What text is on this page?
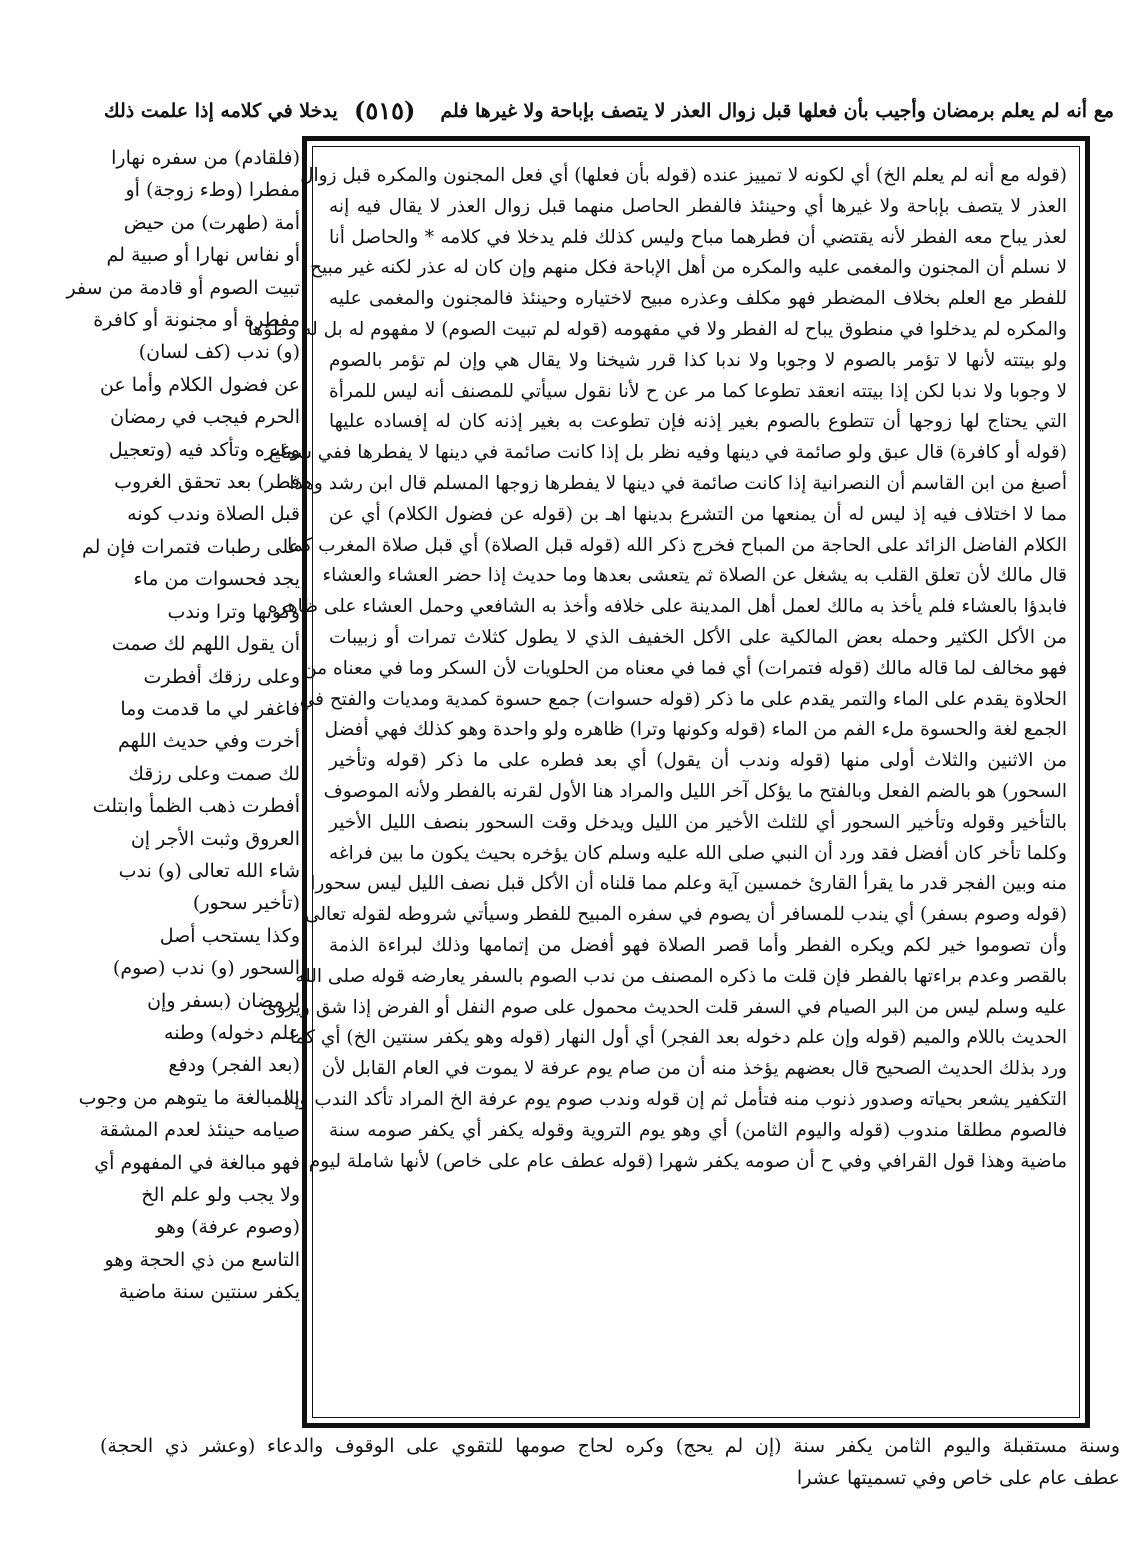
مع أنه لم يعلم برمضان وأجيب بأن فعلها قبل زوال العذر لا يتصف بإباحة ولا غيرها فلم
(٥١٥)
يدخلا في كلامه إذا علمت ذلك
(فلقادم) من سفره نهارا
مفطرا (وطء زوجة) أو
أمة (طهرت) من حيض
أو نفاس نهارا أو صبية لم
تبيت الصوم أو قادمة من سفر
مفطرة أو مجنونة أو كافرة
(و) ندب (كف لسان)
عن فضول الكلام وأما عن
الحرم فيجب في رمضان
وغيره وتأكد فيه (وتعجيل
فطر) بعد تحقق الغروب
قبل الصلاة وندب كونه
على رطبات فتمرات فإن لم
يجد فحسوات من ماء
وكونها وترا وندب
أن يقول اللهم لك صمت
وعلى رزقك أفطرت
فاغفر لي ما قدمت وما
أخرت وفي حديث اللهم
لك صمت وعلى رزقك
أفطرت ذهب الظمأ وابتلت
العروق وثبت الأجر إن
شاء الله تعالى (و) ندب
(تأخير سحور)
وكذا يستحب أصل
السحور (و) ندب (صوم)
لرمضان (بسفر وإن
علم دخوله) وطنه
(بعد الفجر) ودفع
بالمبالغة ما يتوهم من وجوب
صيامه حينئذ لعدم المشقة
فهو مبالغة في المفهوم أي
ولا يجب ولو علم الخ
(وصوم عرفة) وهو
التاسع من ذي الحجة وهو
يكفر سنتين سنة ماضية
(قوله مع أنه لم يعلم الخ) أي لكونه لا تمييز عنده (قوله بأن فعلها) أي فعل المجنون والمكره قبل زوال
العذر لا يتصف بإباحة ولا غيرها أي وحينئذ فالفطر الحاصل منهما قبل زوال العذر لا يقال فيه إنه
لعذر يباح معه الفطر لأنه يقتضي أن فطرهما مباح وليس كذلك فلم يدخلا في كلامه * والحاصل أنا
لا نسلم أن المجنون والمغمى عليه والمكره من أهل الإباحة فكل منهم وإن كان له عذر لكنه غير مبيح
للفطر مع العلم بخلاف المضطر فهو مكلف وعذره مبيح لاختياره وحينئذ فالمجنون والمغمى عليه
والمكره لم يدخلوا في منطوق يباح له الفطر ولا في مفهومه (قوله لم تبيت الصوم) لا مفهوم له بل له وطؤها
ولو بيتته لأنها لا تؤمر بالصوم لا وجوبا ولا ندبا كذا قرر شيخنا ولا يقال هي وإن لم تؤمر بالصوم
لا وجوبا ولا ندبا لكن إذا بيتته انعقد تطوعا كما مر عن ح لأنا نقول سيأتي للمصنف أنه ليس للمرأة
التي يحتاج لها زوجها أن تتطوع بالصوم بغير إذنه فإن تطوعت به بغير إذنه كان له إفساده عليها
(قوله أو كافرة) قال عبق ولو صائمة في دينها وفيه نظر بل إذا كانت صائمة في دينها لا يفطرها ففي سماع
أصبغ من ابن القاسم أن النصرانية إذا كانت صائمة في دينها لا يفطرها زوجها المسلم قال ابن رشد وهذا
مما لا اختلاف فيه إذ ليس له أن يمنعها من التشرع بدينها اهـ بن (قوله عن فضول الكلام) أي عن
الكلام الفاضل الزائد على الحاجة من المباح فخرج ذكر الله (قوله قبل الصلاة) أي قبل صلاة المغرب كما
قال مالك لأن تعلق القلب به يشغل عن الصلاة ثم يتعشى بعدها وما حديث إذا حضر العشاء والعشاء
فابدؤا بالعشاء فلم يأخذ به مالك لعمل أهل المدينة على خلافه وأخذ به الشافعي وحمل العشاء على ظاهره
من الأكل الكثير وحمله بعض المالكية على الأكل الخفيف الذي لا يطول كثلاث تمرات أو زبيبات
فهو مخالف لما قاله مالك (قوله فتمرات) أي فما في معناه من الحلويات لأن السكر وما في معناه من
الحلاوة يقدم على الماء والتمر يقدم على ما ذكر (قوله حسوات) جمع حسوة كمدية ومديات والفتح في
الجمع لغة والحسوة ملء الفم من الماء (قوله وكونها وترا) ظاهره ولو واحدة وهو كذلك فهي أفضل
من الاثنين والثلاث أولى منها (قوله وندب أن يقول) أي بعد فطره على ما ذكر (قوله وتأخير
السحور) هو بالضم الفعل وبالفتح ما يؤكل آخر الليل والمراد هنا الأول لقرنه بالفطر ولأنه الموصوف
بالتأخير وقوله وتأخير السحور أي للثلث الأخير من الليل ويدخل وقت السحور بنصف الليل الأخير
وكلما تأخر كان أفضل فقد ورد أن النبي صلى الله عليه وسلم كان يؤخره بحيث يكون ما بين فراغه
منه وبين الفجر قدر ما يقرأ القارئ خمسين آية وعلم مما قلناه أن الأكل قبل نصف الليل ليس سحورا
(قوله وصوم بسفر) أي يندب للمسافر أن يصوم في سفره المبيح للفطر وسيأتي شروطه لقوله تعالى
وأن تصوموا خير لكم ويكره الفطر وأما قصر الصلاة فهو أفضل من إتمامها وذلك لبراءة الذمة
بالقصر وعدم براءتها بالفطر فإن قلت ما ذكره المصنف من ندب الصوم بالسفر يعارضه قوله صلى الله
عليه وسلم ليس من البر الصيام في السفر قلت الحديث محمول على صوم النفل أو الفرض إذا شق ويروى
الحديث باللام والميم (قوله وإن علم دخوله بعد الفجر) أي أول النهار (قوله وهو يكفر سنتين الخ) أي كما
ورد بذلك الحديث الصحيح قال بعضهم يؤخذ منه أن من صام يوم عرفة لا يموت في العام القابل لأن
التكفير يشعر بحياته وصدور ذنوب منه فتأمل ثم إن قوله وندب صوم يوم عرفة الخ المراد تأكد الندب وإلا
فالصوم مطلقا مندوب (قوله واليوم الثامن) أي وهو يوم التروية وقوله يكفر أي يكفر صومه سنة
ماضية وهذا قول القرافي وفي ح أن صومه يكفر شهرا (قوله عطف عام على خاص) لأنها شاملة ليوم
وسنة مستقبلة واليوم الثامن يكفر سنة (إن لم يحج) وكره لحاج صومها للتقوي على الوقوف والدعاء (وعشر ذي الحجة)
عطف عام على خاص وفي تسميتها عشرا
